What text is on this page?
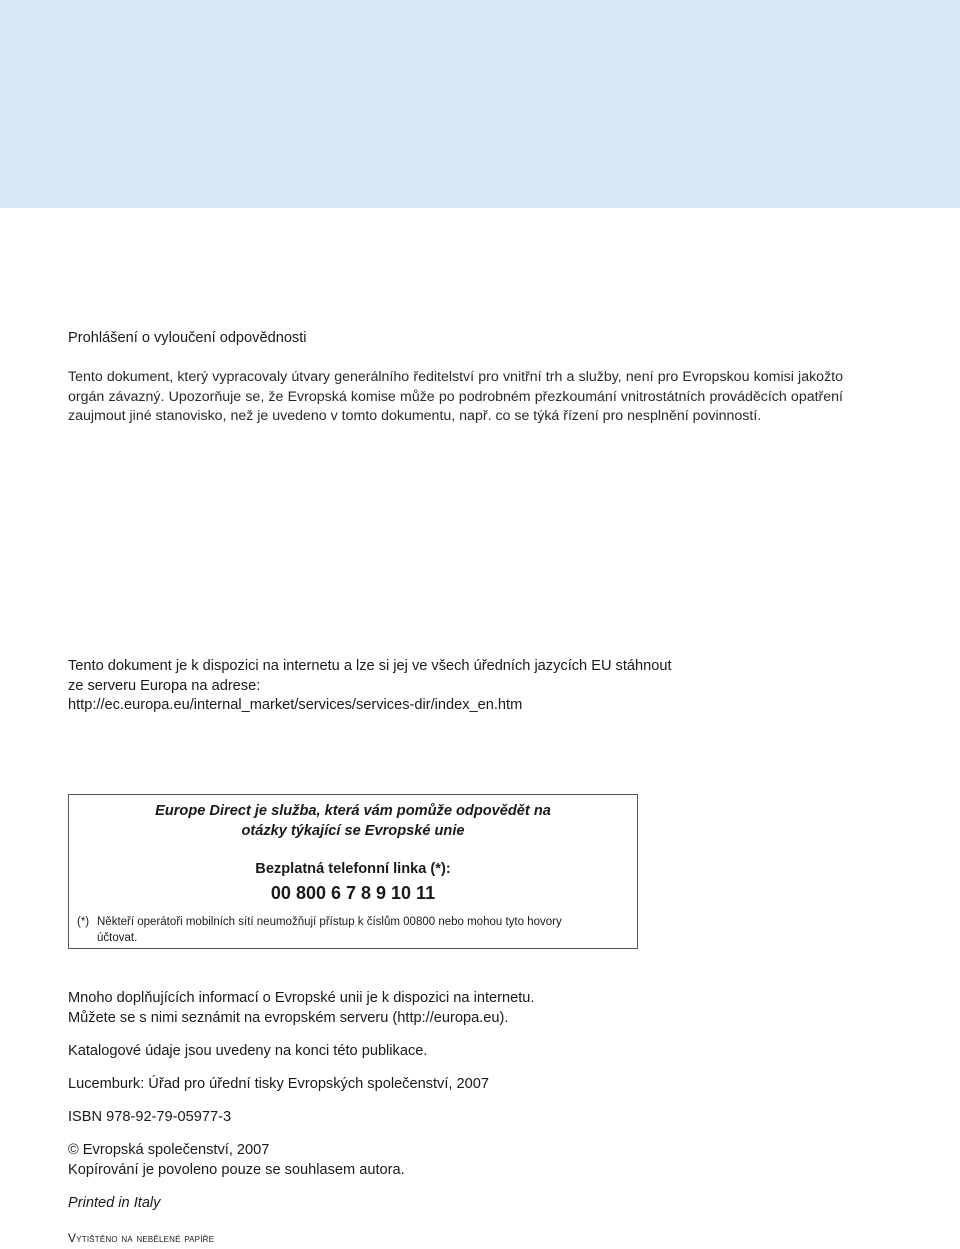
Prohlášení o vyloučení odpovědnosti

Tento dokument, který vypracovaly útvary generálního ředitelství pro vnitřní trh a služby, není pro Evropskou komisi jakožto orgán závazný. Upozorňuje se, že Evropská komise může po podrobném přezkoumání vnitrostátních prováděcích opatření zaujmout jiné stanovisko, než je uvedeno v tomto dokumentu, např. co se týká řízení pro nesplnění povinností.

Tento dokument je k dispozici na internetu a lze si jej ve všech úředních jazycích EU stáhnout

ze serveru Europa na adrese:

http://ec.europa.eu/internal_market/services/services-dir/index_en.htm

Europe Direct je služba, která vám pomůže odpovědět na
otázky týkající se Evropské unie
Bezplatná telefonní linka (*):
00 800 6 7 8 9 10 11
(*) Někteří operátoři mobilních sítí neumožňují přístup k číslům 00800 nebo mohou tyto hovory účtovat.

Mnoho doplňujících informací o Evropské unii je k dispozici na internetu.

Můžete se s nimi seznámit na evropském serveru (http://europa.eu).

Katalogové údaje jsou uvedeny na konci této publikace.

Lucemburk: Úřad pro úřední tisky Evropských společenství, 2007

ISBN 978-92-79-05977-3

© Evropská společenství, 2007

Kopírování je povoleno pouze se souhlasem autora.

Printed in Italy

Vytištěno na nebělené papíře
